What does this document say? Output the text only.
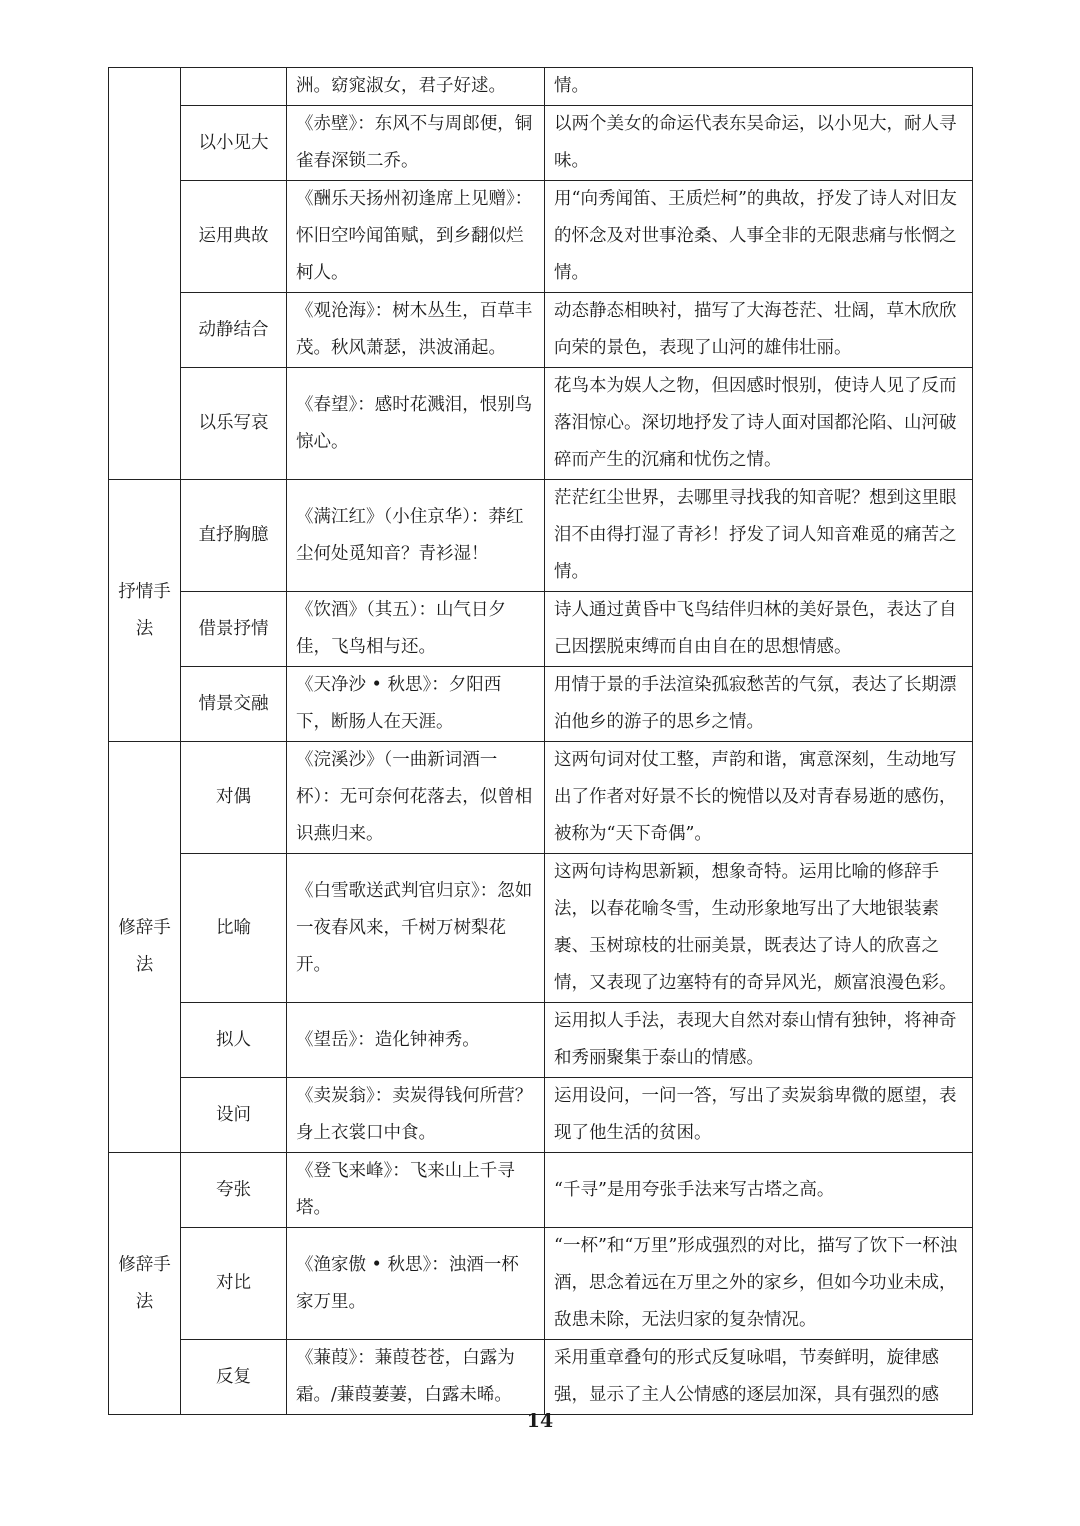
		洲。窈窕淑女，君子好逑。	情。
	以小见大	《赤壁》：东风不与周郎便，铜雀春深锁二乔。	以两个美女的命运代表东吴命运，以小见大，耐人寻味。
	运用典故	《酬乐天扬州初逢席上见赠》：怀旧空吟闻笛赋，到乡翻似烂柯人。	用“向秀闻笛、王质烂柯”的典故，抒发了诗人对旧友的怀念及对世事沧桑、人事全非的无限悲痛与怅惘之情。
	动静结合	《观沧海》：树木丛生，百草丰茂。秋风萧瑟，洪波涌起。	动态静态相映衬，描写了大海苍茫、壮阔，草木欣欣向荣的景色，表现了山河的雄伟壮丽。
	以乐写哀	《春望》：感时花溅泪，恨别鸟惊心。	花鸟本为娱人之物，但因感时恨别，使诗人见了反而落泪惊心。深切地抒发了诗人面对国都沦陷、山河破碎而产生的沉痛和忧伤之情。
抒情手法	直抒胸臆	《满江红》（小住京华）：莽红尘何处觅知音？青衫湿！	茫茫红尘世界，去哪里寻找我的知音呢？想到这里眼泪不由得打湿了青衫！抒发了词人知音难觅的痛苦之情。
	借景抒情	《饮酒》（其五）：山气日夕佳，飞鸟相与还。	诗人通过黄昏中飞鸟结伴归林的美好景色，表达了自己因摆脱束缚而自由自在的思想情感。
	情景交融	《天净沙 • 秋思》：夕阳西下，断肠人在天涯。	用情于景的手法渲染孤寂愁苦的气氛，表达了长期漂泊他乡的游子的思乡之情。
修辞手法	对偶	《浣溪沙》（一曲新词酒一杯）：无可奈何花落去，似曾相识燕归来。	这两句词对仗工整，声韵和谐，寓意深刻，生动地写出了作者对好景不长的惋惜以及对青春易逝的感伤，被称为“天下奇偶”。
	比喻	《白雪歌送武判官归京》：忽如一夜春风来，千树万树梨花开。	这两句诗构思新颖，想象奇特。运用比喻的修辞手法，以春花喻冬雪，生动形象地写出了大地银装素裹、玉树琼枝的壮丽美景，既表达了诗人的欣喜之情，又表现了边塞特有的奇异风光，颇富浪漫色彩。
	拟人	《望岳》：造化钟神秀。	运用拟人手法，表现大自然对泰山情有独钟，将神奇和秀丽聚集于泰山的情感。
	设问	《卖炭翁》：卖炭得钱何所营？身上衣裳口中食。	运用设问，一问一答，写出了卖炭翁卑微的愿望，表现了他生活的贫困。
修辞手法	夸张	《登飞来峰》：飞来山上千寻塔。	“千寻”是用夸张手法来写古塔之高。
	对比	《渔家傲 • 秋思》：浊酒一杯家万里。	“一杯”和“万里”形成强烈的对比，描写了饮下一杯浊酒，思念着远在万里之外的家乡，但如今功业未成，敌患未除，无法归家的复杂情况。
	反复	《蒹葭》：蒹葭苍苍，白露为霜。/蒹葭萋萋，白露未晞。	采用重章叠句的形式反复咏唱，节奏鲜明，旋律感强，显示了主人公情感的逐层加深，具有强烈的感
14
